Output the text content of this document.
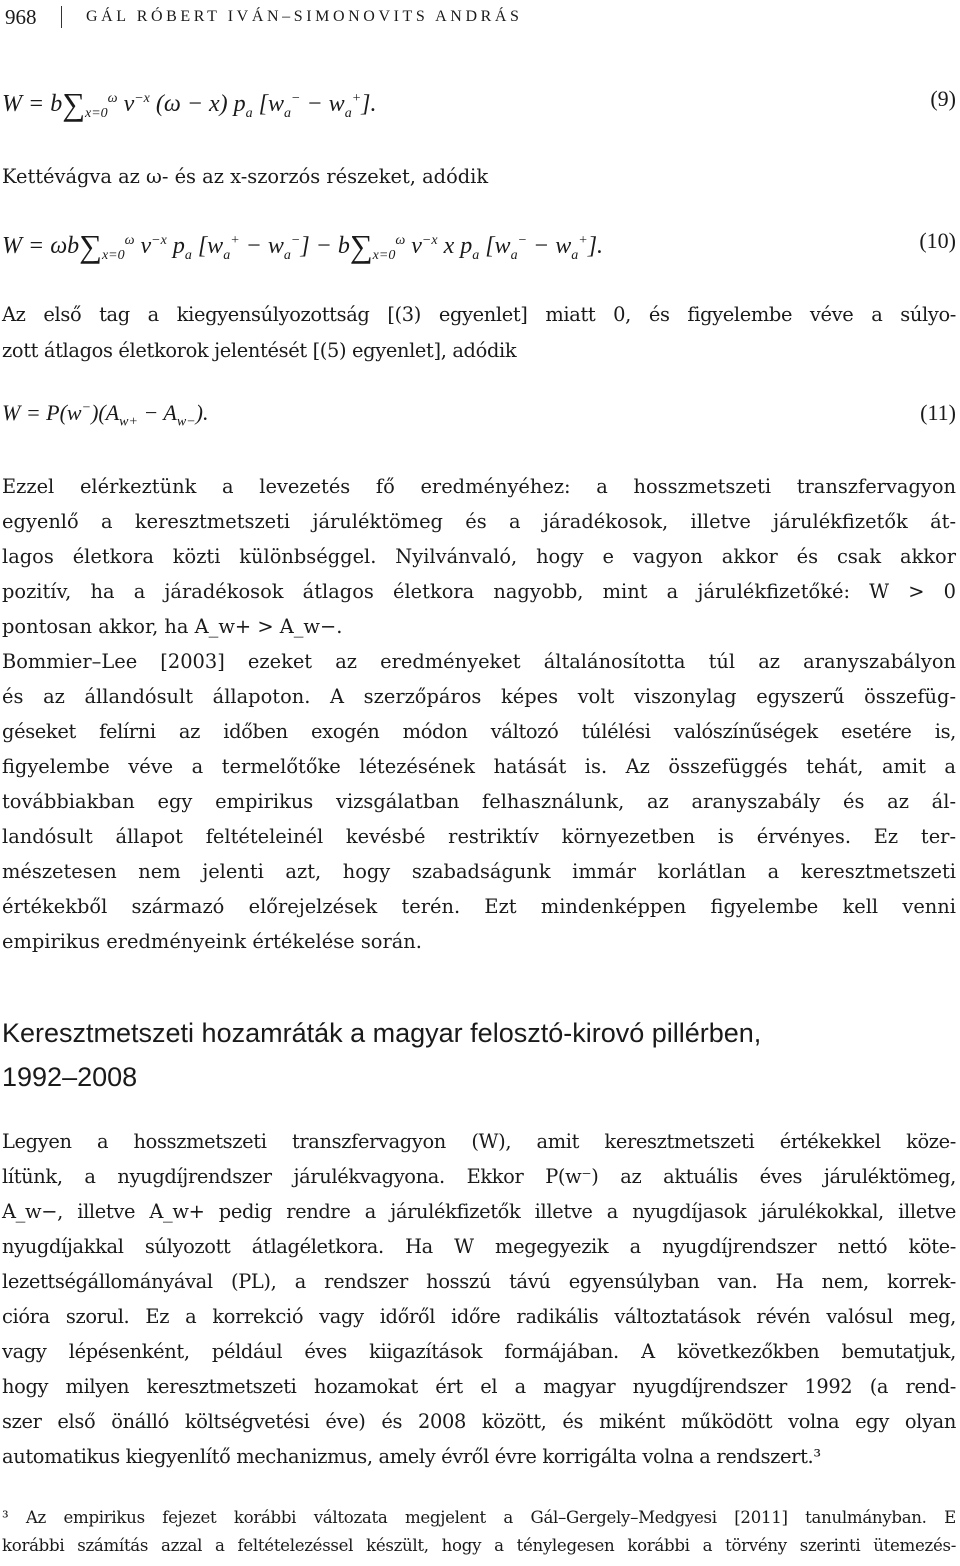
968	GÁL RÓBERT IVÁN–SIMONOVITS ANDRÁS
$W = b\sum_{x=0}^\omega$ $\nu^{-x}$ (ω − x) $p_a$ $[w_a^- - w_a^+]$.	(9)
Kettévágva az ω- és az x-szorzós részeket, adódik
$W = \omega b\sum_{x=0}^\omega$ $\nu^{-x}$ $p_a$ $[w_a^+ - w_a^-] - b\sum_{x=0}^\omega$ $\nu^{-x}$ x $p_a$ $[w_a^- - w_a^+]$.	(10)
Az első tag a kiegyensúlyozottság [(3) egyenlet] miatt 0, és figyelembe véve a súlyo-
zott átlagos életkorok jelentését [(5) egyenlet], adódik
$W = P(w^-)(A_{w+} - A_{w-})$.	(11)
Ezzel elérkeztünk a levezetés fő eredményéhez: a hosszmetszeti transzfervagyon
egyenlő a keresztmetszeti járuléktömeg és a járadékosok, illetve járulékfizetők át-
lagos életkora közti különbséggel. Nyilvánvaló, hogy e vagyon akkor és csak akkor
pozitív, ha a járadékosok átlagos életkora nagyobb, mint a járulékfizetőké: W > 0
pontosan akkor, ha A_w+ > A_w−.
Bommier–Lee [2003] ezeket az eredményeket általánosította túl az aranyszabályon
és az állandósult állapoton. A szerzőpáros képes volt viszonylag egyszerű összefüg-
géseket felírni az időben exogén módon változó túlélési valószínűségek esetére is,
figyelembe véve a termelőtőke létezésének hatását is. Az összefüggés tehát, amit a
továbbiakban egy empirikus vizsgálatban felhasználunk, az aranyszabály és az ál-
landósult állapot feltételeinél kevésbé restriktív környezetben is érvényes. Ez ter-
mészetesen nem jelenti azt, hogy szabadságunk immár korlátlan a keresztmetszeti
értékekből származó előrejelzések terén. Ezt mindenképpen figyelembe kell venni
empirikus eredményeink értékelése során.
Keresztmetszeti hozamráták a magyar felosztó-kirovó pillérben,
1992–2008
Legyen a hosszmetszeti transzfervagyon (W), amit keresztmetszeti értékekkel köze-
lítünk, a nyugdíjrendszer járulékvagyona. Ekkor P(w⁻) az aktuális éves járuléktömeg,
A_w−, illetve A_w+ pedig rendre a járulékfizetők illetve a nyugdíjasok járulékokkal, illetve
nyugdíjakkal súlyozott átlagéletkora. Ha W megegyezik a nyugdíjrendszer nettó köte-
lezettségállományával (PL), a rendszer hosszú távú egyensúlyban van. Ha nem, korrek-
cióra szorul. Ez a korrekció vagy időről időre radikális változtatások révén valósul meg,
vagy lépésenként, például éves kiigazítások formájában. A következőkben bemutatjuk,
hogy milyen keresztmetszeti hozamokat ért el a magyar nyugdíjrendszer 1992 (a rend-
szer első önálló költségvetési éve) és 2008 között, és miként működött volna egy olyan
automatikus kiegyenlítő mechanizmus, amely évről évre korrigálta volna a rendszert.³
³ Az empirikus fejezet korábbi változata megjelent a Gál–Gergely–Medgyesi [2011] tanulmányban. E
korábbi számítás azzal a feltételezéssel készült, hogy a ténylegesen korábbi a törvény szerinti ütemezés-
